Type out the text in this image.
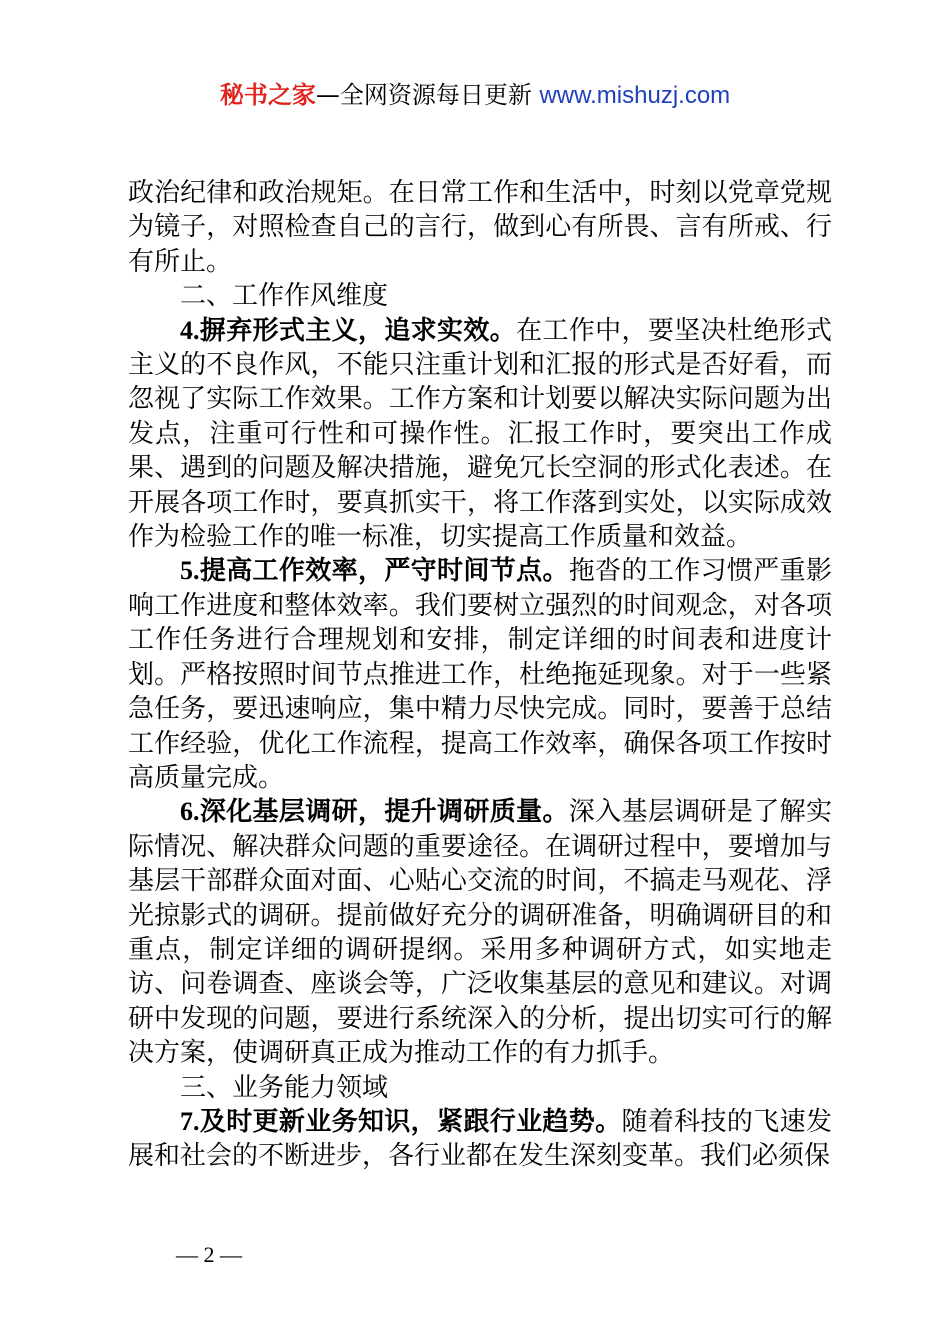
秘书之家—全网资源每日更新 www.mishuzj.com

政治纪律和政治规矩。在日常工作和生活中，时刻以党章党规为镜子，对照检查自己的言行，做到心有所畏、言有所戒、行有所止。

二、工作作风维度

4.摒弃形式主义，追求实效。在工作中，要坚决杜绝形式主义的不良作风，不能只注重计划和汇报的形式是否好看，而忽视了实际工作效果。工作方案和计划要以解决实际问题为出发点，注重可行性和可操作性。汇报工作时，要突出工作成果、遇到的问题及解决措施，避免冗长空洞的形式化表述。在开展各项工作时，要真抓实干，将工作落到实处，以实际成效作为检验工作的唯一标准，切实提高工作质量和效益。

5.提高工作效率，严守时间节点。拖沓的工作习惯严重影响工作进度和整体效率。我们要树立强烈的时间观念，对各项工作任务进行合理规划和安排，制定详细的时间表和进度计划。严格按照时间节点推进工作，杜绝拖延现象。对于一些紧急任务，要迅速响应，集中精力尽快完成。同时，要善于总结工作经验，优化工作流程，提高工作效率，确保各项工作按时高质量完成。

6.深化基层调研，提升调研质量。深入基层调研是了解实际情况、解决群众问题的重要途径。在调研过程中，要增加与基层干部群众面对面、心贴心交流的时间，不搞走马观花、浮光掠影式的调研。提前做好充分的调研准备，明确调研目的和重点，制定详细的调研提纲。采用多种调研方式，如实地走访、问卷调查、座谈会等，广泛收集基层的意见和建议。对调研中发现的问题，要进行系统深入的分析，提出切实可行的解决方案，使调研真正成为推动工作的有力抓手。

三、业务能力领域

7.及时更新业务知识，紧跟行业趋势。随着科技的飞速发展和社会的不断进步，各行业都在发生深刻变革。我们必须保

— 2 —
